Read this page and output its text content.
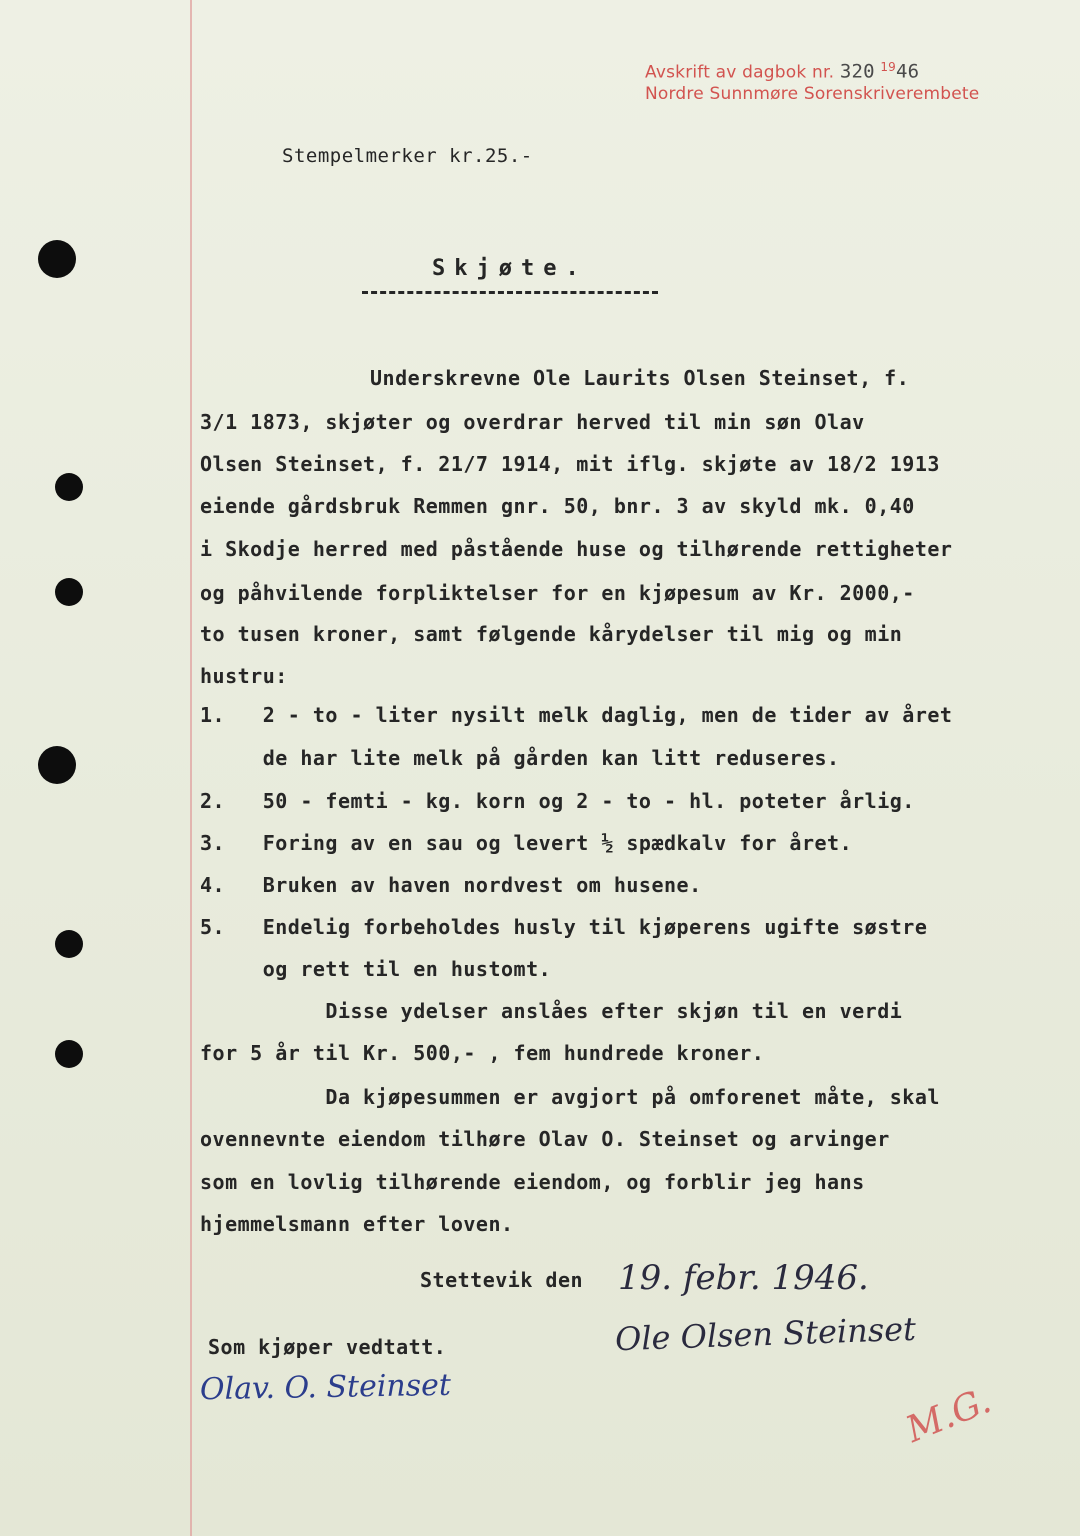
Avskrift av dagbok nr. 320 $^{19}$46
Nordre Sunnmøre Sorenskriverembete
Stempelmerker kr.25.-
Skjøte.
Underskrevne Ole Laurits Olsen Steinset, f.
3/1 1873, skjøter og overdrar herved til min søn Olav
Olsen Steinset, f. 21/7 1914, mit iflg. skjøte av 18/2 1913
eiende gårdsbruk Remmen gnr. 50, bnr. 3 av skyld mk. 0,40
i Skodje herred med påstående huse og tilhørende rettigheter
og påhvilende forpliktelser for en kjøpesum av Kr. 2000,-
to tusen kroner, samt følgende kårydelser til mig og min
hustru:
1.   2 - to - liter nysilt melk daglig, men de tider av året
de har lite melk på gården kan litt reduseres.
2.   50 - femti - kg. korn og 2 - to - hl. poteter årlig.
3.   Foring av en sau og levert ½ spædkalv for året.
4.   Bruken av haven nordvest om husene.
5.   Endelig forbeholdes husly til kjøperens ugifte søstre
og rett til en hustomt.
Disse ydelser anslåes efter skjøn til en verdi
for 5 år til Kr. 500,- , fem hundrede kroner.
Da kjøpesummen er avgjort på omforenet måte, skal
ovennevnte eiendom tilhøre Olav O. Steinset og arvinger
som en lovlig tilhørende eiendom, og forblir jeg hans
hjemmelsmann efter loven.
Stettevik den 19. febr. 1946.
Som kjøper vedtatt.	Ole Olsen Steinset
Olav. O. Steinset	M.G.
